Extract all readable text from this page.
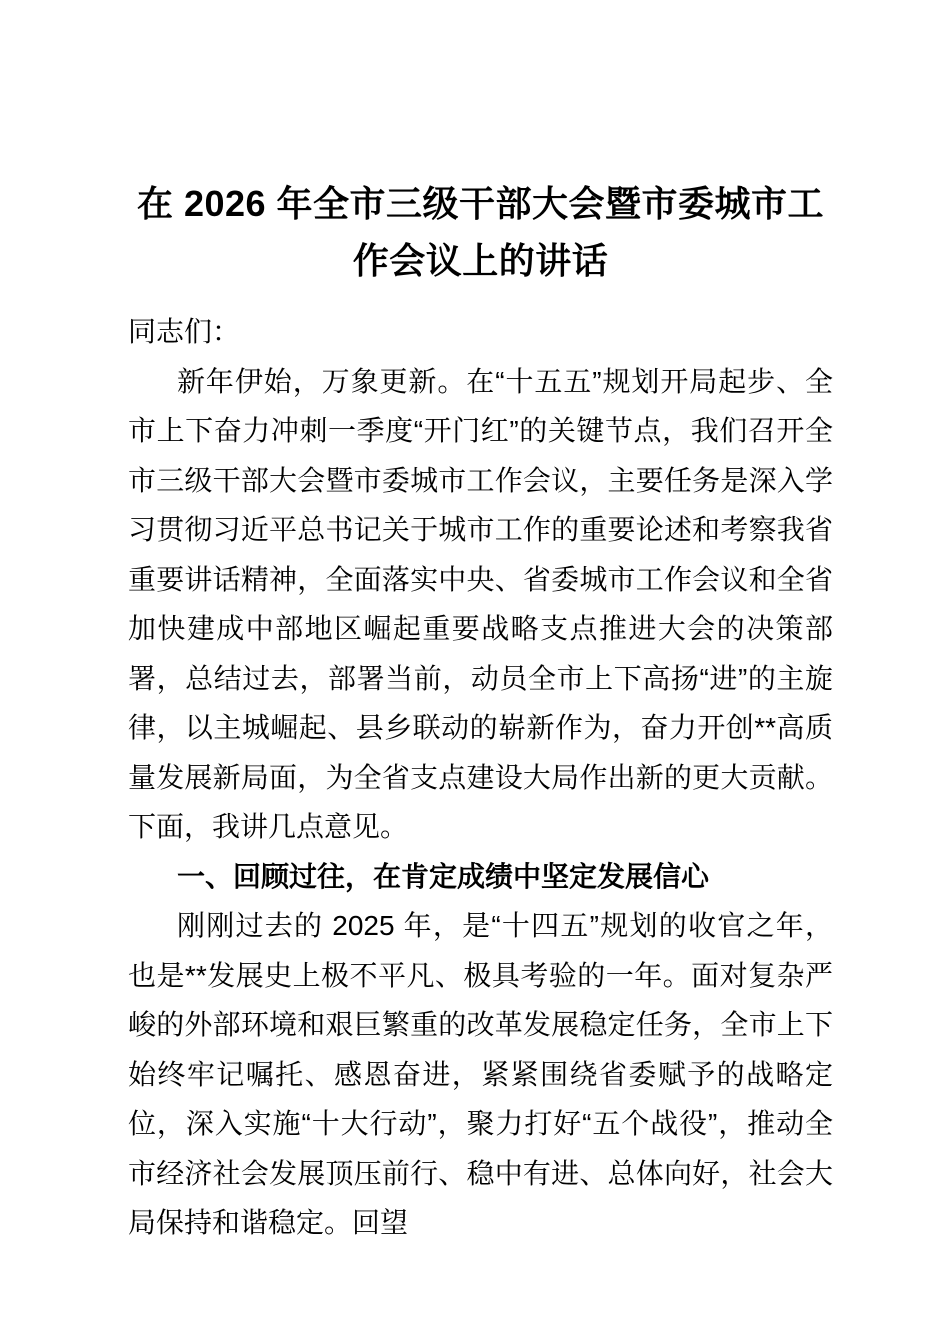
在 2026 年全市三级干部大会暨市委城市工作会议上的讲话

同志们：

新年伊始，万象更新。在“十五五”规划开局起步、全市上下奋力冲刺一季度“开门红”的关键节点，我们召开全市三级干部大会暨市委城市工作会议，主要任务是深入学习贯彻习近平总书记关于城市工作的重要论述和考察我省重要讲话精神，全面落实中央、省委城市工作会议和全省加快建成中部地区崛起重要战略支点推进大会的决策部署，总结过去，部署当前，动员全市上下高扬“进”的主旋律，以主城崛起、县乡联动的崭新作为，奋力开创**高质量发展新局面，为全省支点建设大局作出新的更大贡献。下面，我讲几点意见。

一、回顾过往，在肯定成绩中坚定发展信心

刚刚过去的 2025 年，是“十四五”规划的收官之年，也是**发展史上极不平凡、极具考验的一年。面对复杂严峻的外部环境和艰巨繁重的改革发展稳定任务，全市上下始终牢记嘱托、感恩奋进，紧紧围绕省委赋予的战略定位，深入实施“十大行动”，聚力打好“五个战役”，推动全市经济社会发展顶压前行、稳中有进、总体向好，社会大局保持和谐稳定。回望
